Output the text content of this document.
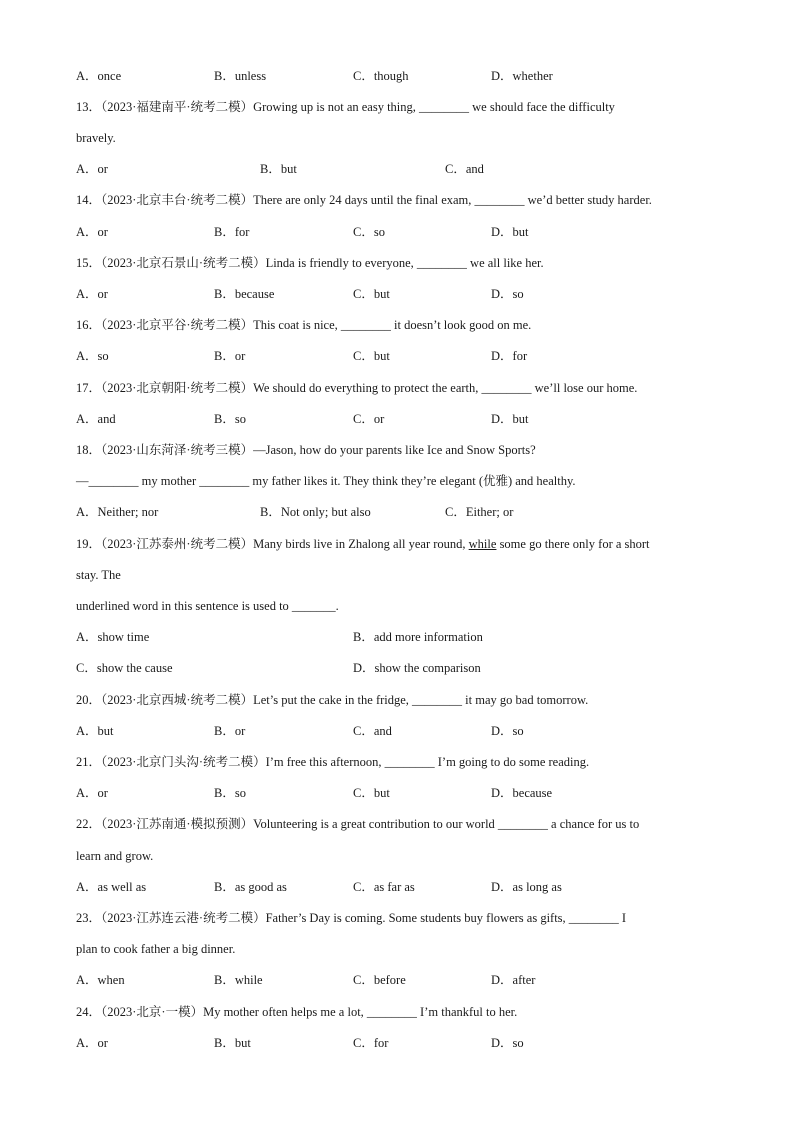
A．once	B．unless	C．though	D．whether
13．（2023·福建南平·统考二模）Growing up is not an easy thing, ________ we should face the difficulty
bravely.
A．or	B．but	C．and
14．（2023·北京丰台·统考二模）There are only 24 days until the final exam, ________ we’d better study harder.
A．or	B．for	C．so	D．but
15．（2023·北京石景山·统考二模）Linda is friendly to everyone, ________ we all like her.
A．or	B．because	C．but	D．so
16．（2023·北京平谷·统考二模）This coat is nice, ________ it doesn’t look good on me.
A．so	B．or	C．but	D．for
17．（2023·北京朝阳·统考二模）We should do everything to protect the earth, ________ we’ll lose our home.
A．and	B．so	C．or	D．but
18．（2023·山东菏泽·统考三模）—Jason, how do your parents like Ice and Snow Sports?
—________ my mother ________ my father likes it. They think they’re elegant (优雅) and healthy.
A．Neither; nor	B．Not only; but also	C．Either; or
19．（2023·江苏泰州·统考二模）Many birds live in Zhalong all year round, while some go there only for a short
stay. The
underlined word in this sentence is used to _______.
A．show time	B．add more information
C．show the cause	D．show the comparison
20．（2023·北京西城·统考二模）Let’s put the cake in the fridge, ________ it may go bad tomorrow.
A．but	B．or	C．and	D．so
21．（2023·北京门头沟·统考二模）I’m free this afternoon, ________ I’m going to do some reading.
A．or	B．so	C．but	D．because
22．（2023·江苏南通·模拟预测）Volunteering is a great contribution to our world ________ a chance for us to
learn and grow.
A．as well as	B．as good as	C．as far as	D．as long as
23．（2023·江苏连云港·统考二模）Father’s Day is coming. Some students buy flowers as gifts, ________ I
plan to cook father a big dinner.
A．when	B．while	C．before	D．after
24．（2023·北京·一模）My mother often helps me a lot, ________ I’m thankful to her.
A．or	B．but	C．for	D．so
